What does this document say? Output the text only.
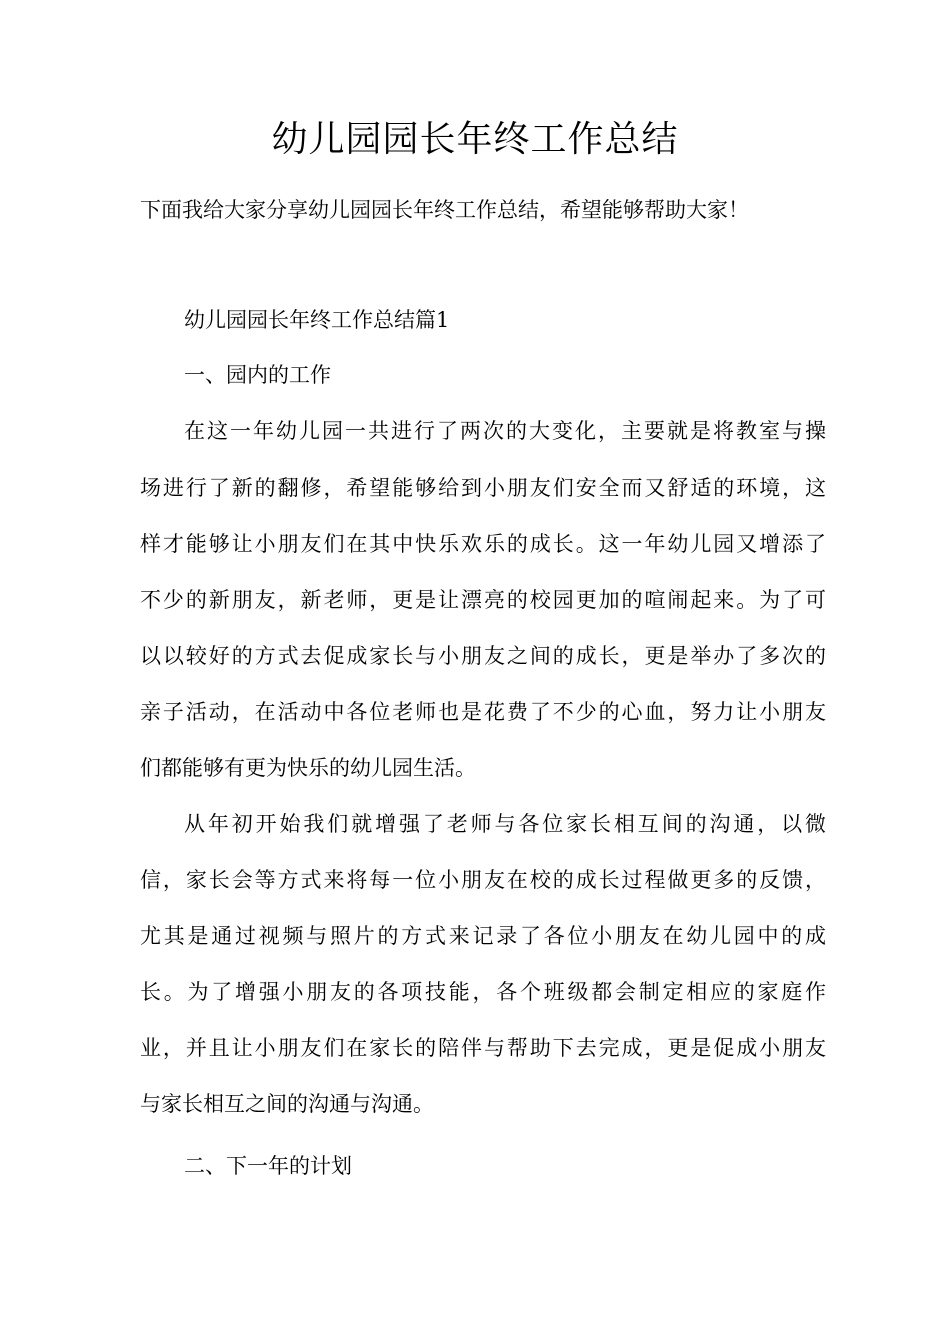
幼儿园园长年终工作总结
下面我给大家分享幼儿园园长年终工作总结，希望能够帮助大家！
幼儿园园长年终工作总结篇1
一、园内的工作
在这一年幼儿园一共进行了两次的大变化，主要就是将教室与操
场进行了新的翻修，希望能够给到小朋友们安全而又舒适的环境，这
样才能够让小朋友们在其中快乐欢乐的成长。这一年幼儿园又增添了
不少的新朋友，新老师，更是让漂亮的校园更加的喧闹起来。为了可
以以较好的方式去促成家长与小朋友之间的成长，更是举办了多次的
亲子活动，在活动中各位老师也是花费了不少的心血，努力让小朋友
们都能够有更为快乐的幼儿园生活。
从年初开始我们就增强了老师与各位家长相互间的沟通，以微
信，家长会等方式来将每一位小朋友在校的成长过程做更多的反馈，
尤其是通过视频与照片的方式来记录了各位小朋友在幼儿园中的成
长。为了增强小朋友的各项技能，各个班级都会制定相应的家庭作
业，并且让小朋友们在家长的陪伴与帮助下去完成，更是促成小朋友
与家长相互之间的沟通与沟通。
二、下一年的计划
